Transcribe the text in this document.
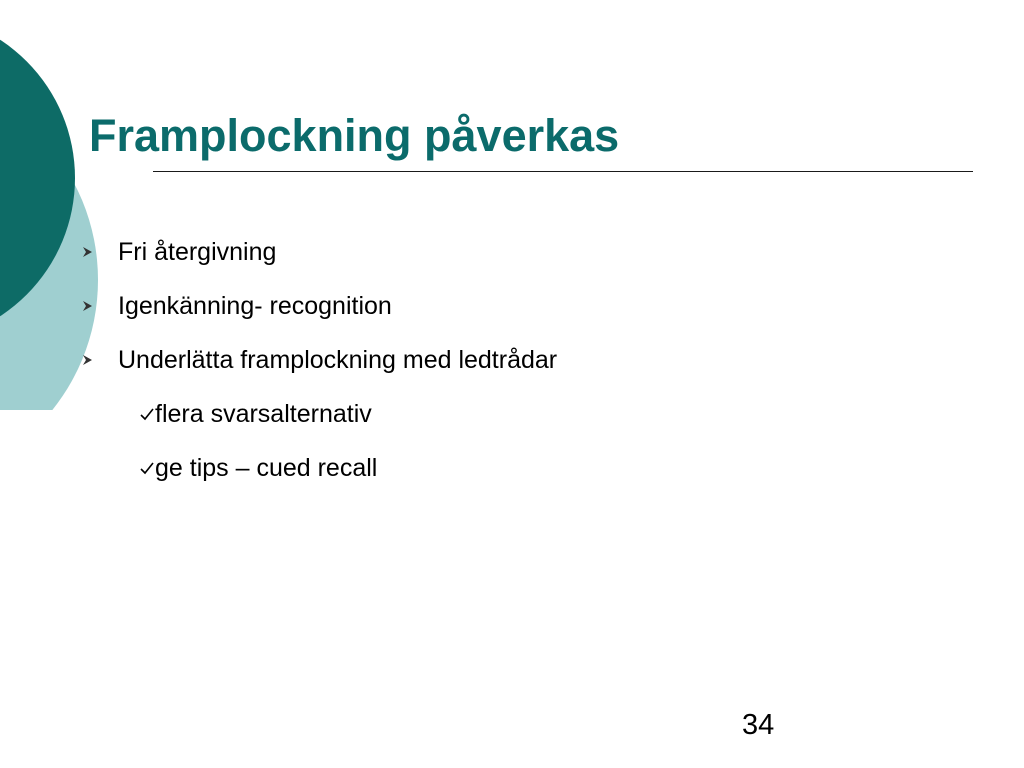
Framplockning påverkas
Fri återgivning
Igenkänning- recognition
Underlätta framplockning med ledtrådar
flera svarsalternativ
ge tips – cued recall
34
